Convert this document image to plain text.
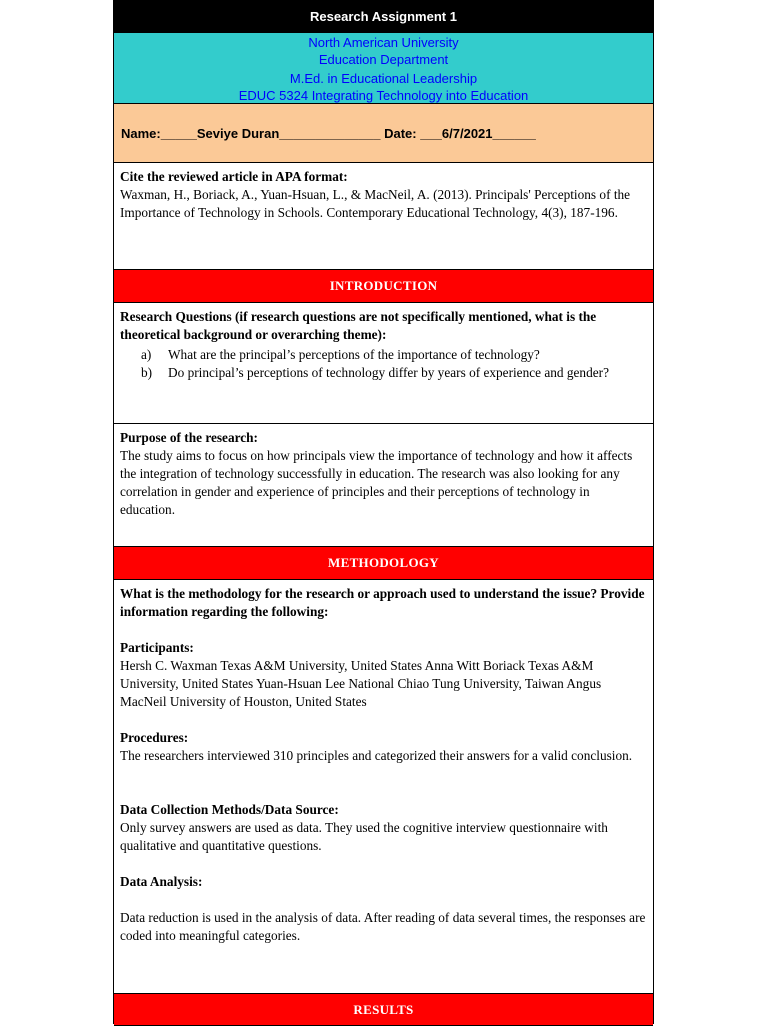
Research Assignment 1
North American University
Education Department
M.Ed. in Educational Leadership
EDUC 5324 Integrating Technology into Education
Name:_____Seviye Duran______________ Date: ___6/7/2021______
Cite the reviewed article in APA format:

Waxman, H., Boriack, A., Yuan-Hsuan, L., & MacNeil, A. (2013). Principals' Perceptions of the Importance of Technology in Schools. Contemporary Educational Technology, 4(3), 187-196.

INTRODUCTION
Research Questions (if research questions are not specifically mentioned, what is the theoretical background or overarching theme):
a)	What are the principal’s perceptions of the importance of technology?
b)	Do principal’s perceptions of technology differ by years of experience and gender?
Purpose of the research:

The study aims to focus on how principals view the importance of technology and how it affects the integration of technology successfully in education. The research was also looking for any correlation in gender and experience of principles and their perceptions of technology in education.

METHODOLOGY
What is the methodology for the research or approach used to understand the issue? Provide information regarding the following:
Participants:

Hersh C. Waxman Texas A&M University, United States Anna Witt Boriack Texas A&M University, United States Yuan-Hsuan Lee National Chiao Tung University, Taiwan Angus MacNeil University of Houston, United States

Procedures:

The researchers interviewed 310 principles and categorized their answers for a valid conclusion.

Data Collection Methods/Data Source:

Only survey answers are used as data. They used the cognitive interview questionnaire with qualitative and quantitative questions.

Data Analysis:

Data reduction is used in the analysis of data. After reading of data several times, the responses are coded into meaningful categories.

RESULTS
